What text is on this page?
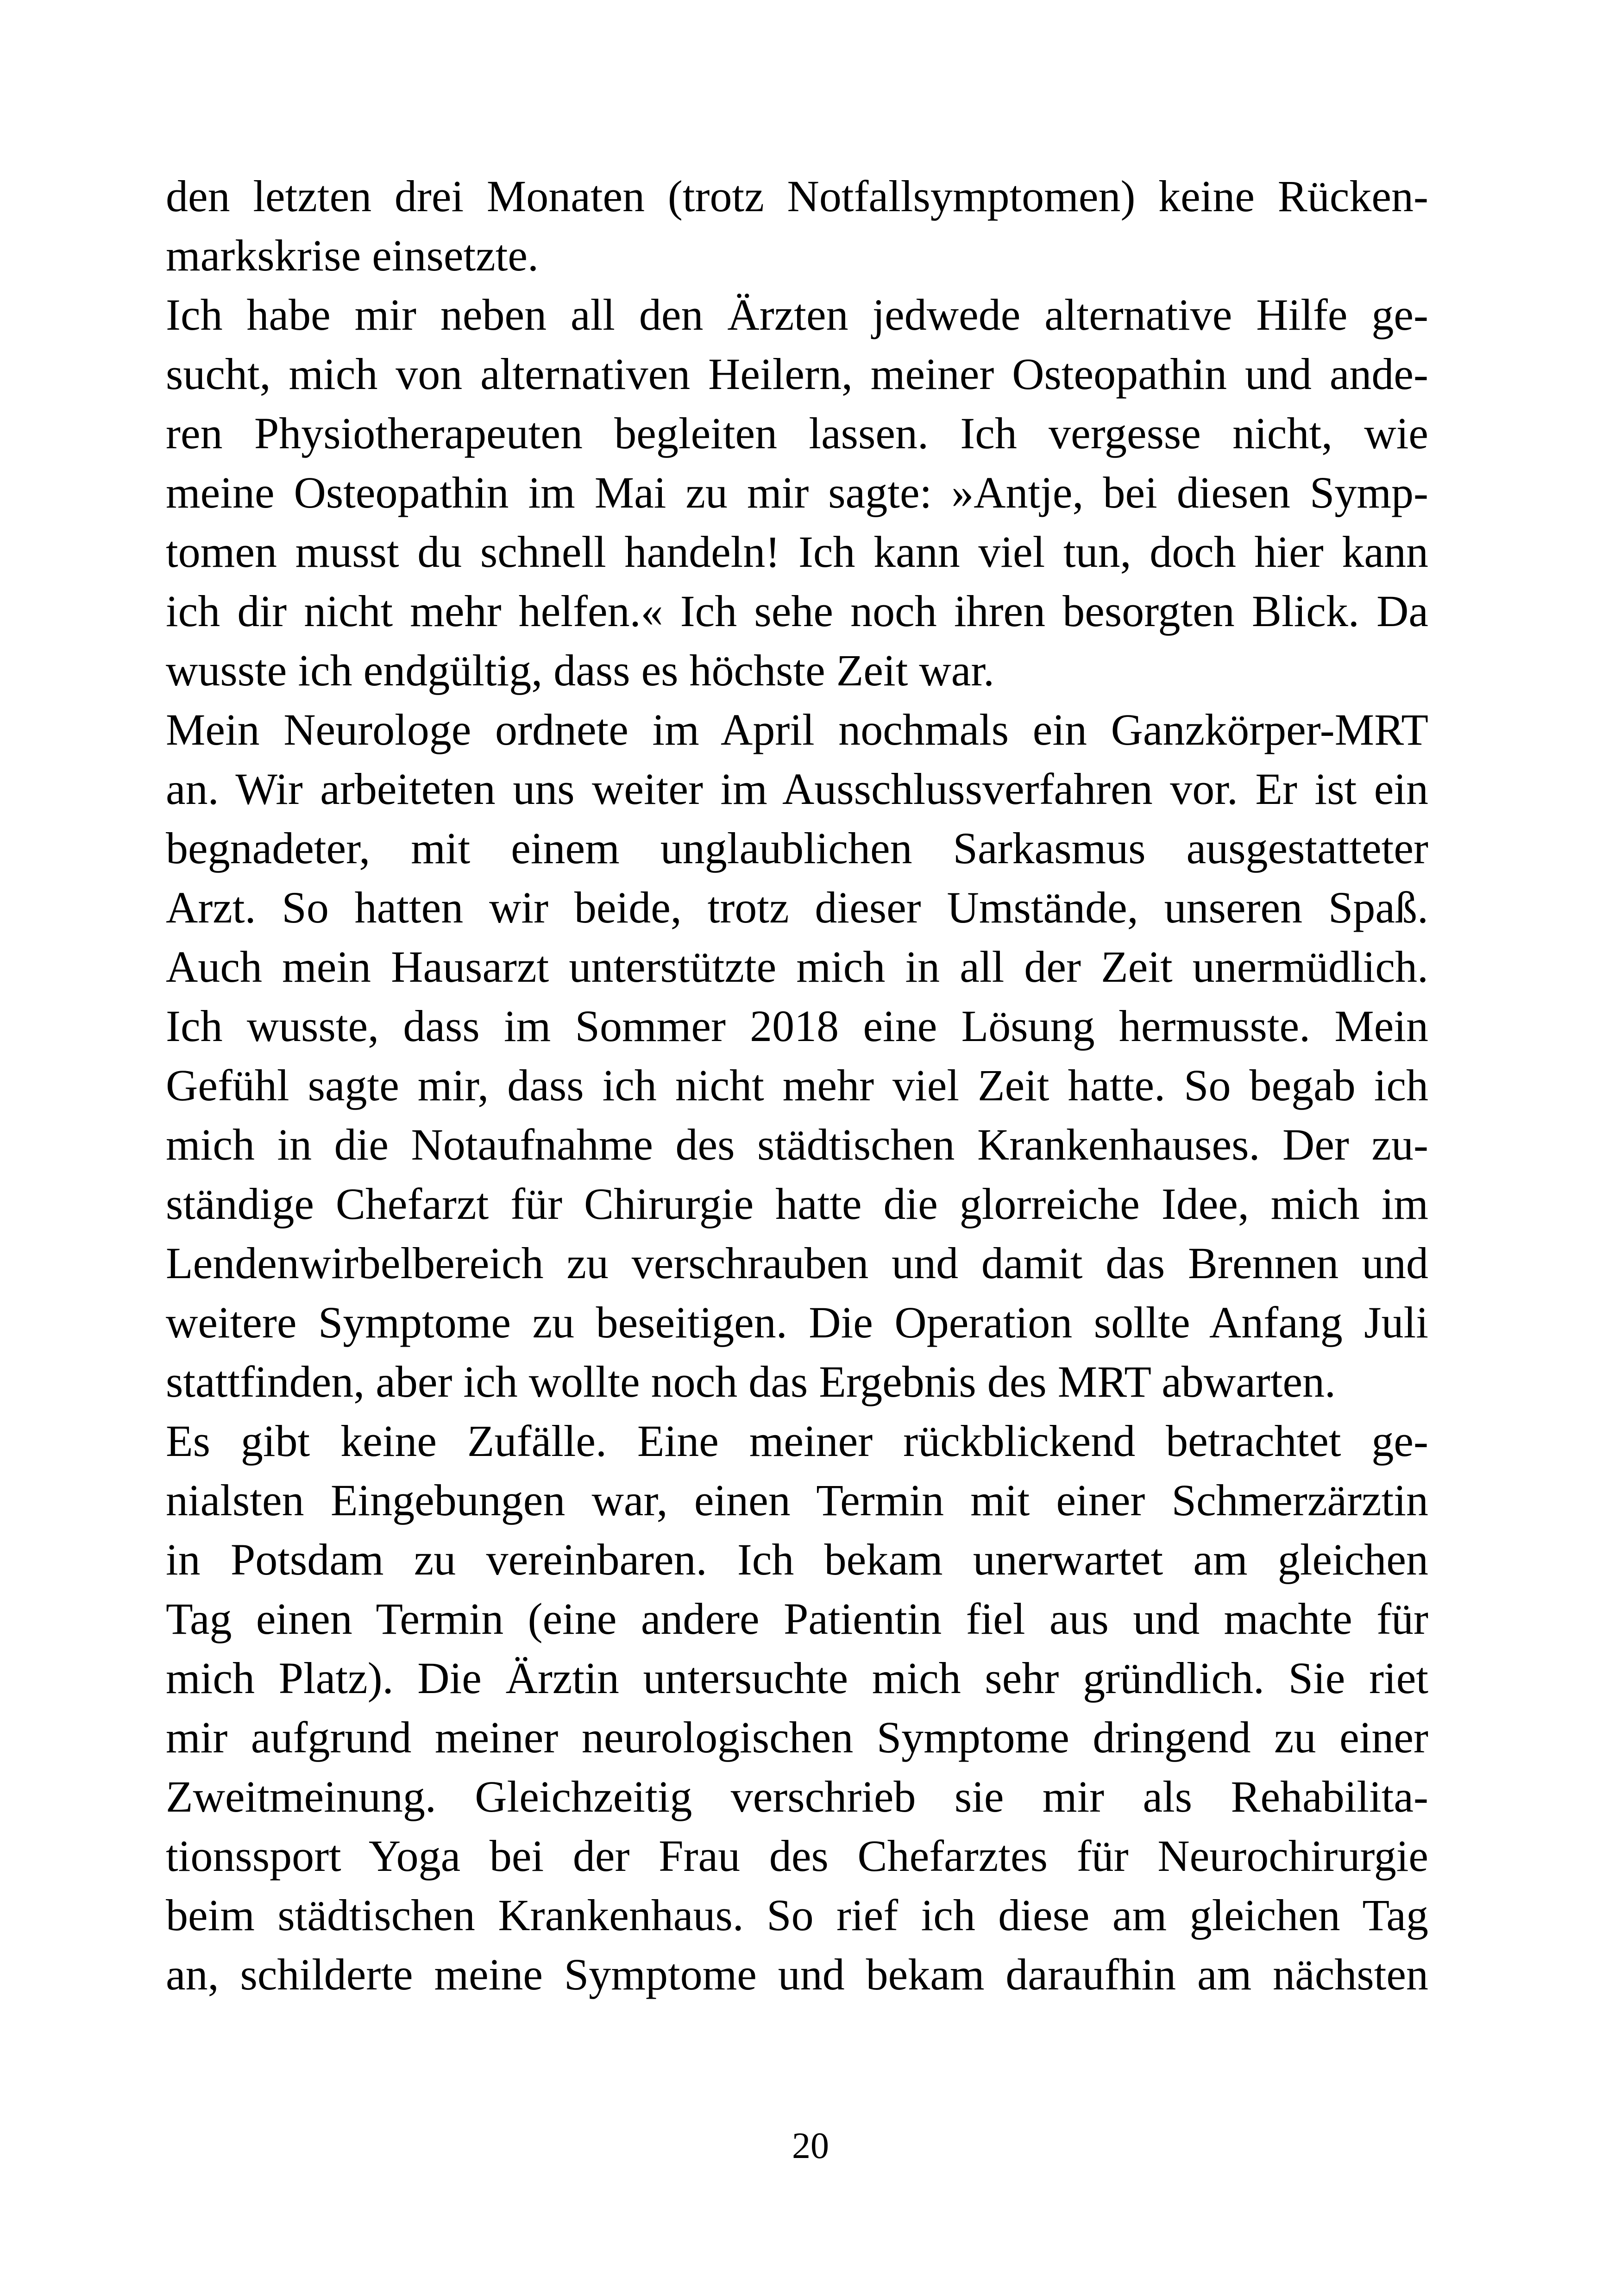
den letzten drei Monaten (trotz Notfallsymptomen) keine Rücken-
markskrise einsetzte.
Ich habe mir neben all den Ärzten jedwede alternative Hilfe ge-
sucht, mich von alternativen Heilern, meiner Osteopathin und ande-
ren Physiotherapeuten begleiten lassen. Ich vergesse nicht, wie
meine Osteopathin im Mai zu mir sagte: »Antje, bei diesen Symp-
tomen musst du schnell handeln! Ich kann viel tun, doch hier kann
ich dir nicht mehr helfen.« Ich sehe noch ihren besorgten Blick. Da
wusste ich endgültig, dass es höchste Zeit war.
Mein Neurologe ordnete im April nochmals ein Ganzkörper-MRT
an. Wir arbeiteten uns weiter im Ausschlussverfahren vor. Er ist ein
begnadeter, mit einem unglaublichen Sarkasmus ausgestatteter
Arzt. So hatten wir beide, trotz dieser Umstände, unseren Spaß.
Auch mein Hausarzt unterstützte mich in all der Zeit unermüdlich.
Ich wusste, dass im Sommer 2018 eine Lösung hermusste. Mein
Gefühl sagte mir, dass ich nicht mehr viel Zeit hatte. So begab ich
mich in die Notaufnahme des städtischen Krankenhauses. Der zu-
ständige Chefarzt für Chirurgie hatte die glorreiche Idee, mich im
Lendenwirbelbereich zu verschrauben und damit das Brennen und
weitere Symptome zu beseitigen. Die Operation sollte Anfang Juli
stattfinden, aber ich wollte noch das Ergebnis des MRT abwarten.
Es gibt keine Zufälle. Eine meiner rückblickend betrachtet ge-
nialsten Eingebungen war, einen Termin mit einer Schmerzärztin
in Potsdam zu vereinbaren. Ich bekam unerwartet am gleichen
Tag einen Termin (eine andere Patientin fiel aus und machte für
mich Platz). Die Ärztin untersuchte mich sehr gründlich. Sie riet
mir aufgrund meiner neurologischen Symptome dringend zu einer
Zweitmeinung. Gleichzeitig verschrieb sie mir als Rehabilita-
tionssport Yoga bei der Frau des Chefarztes für Neurochirurgie
beim städtischen Krankenhaus. So rief ich diese am gleichen Tag
an, schilderte meine Symptome und bekam daraufhin am nächsten
20
